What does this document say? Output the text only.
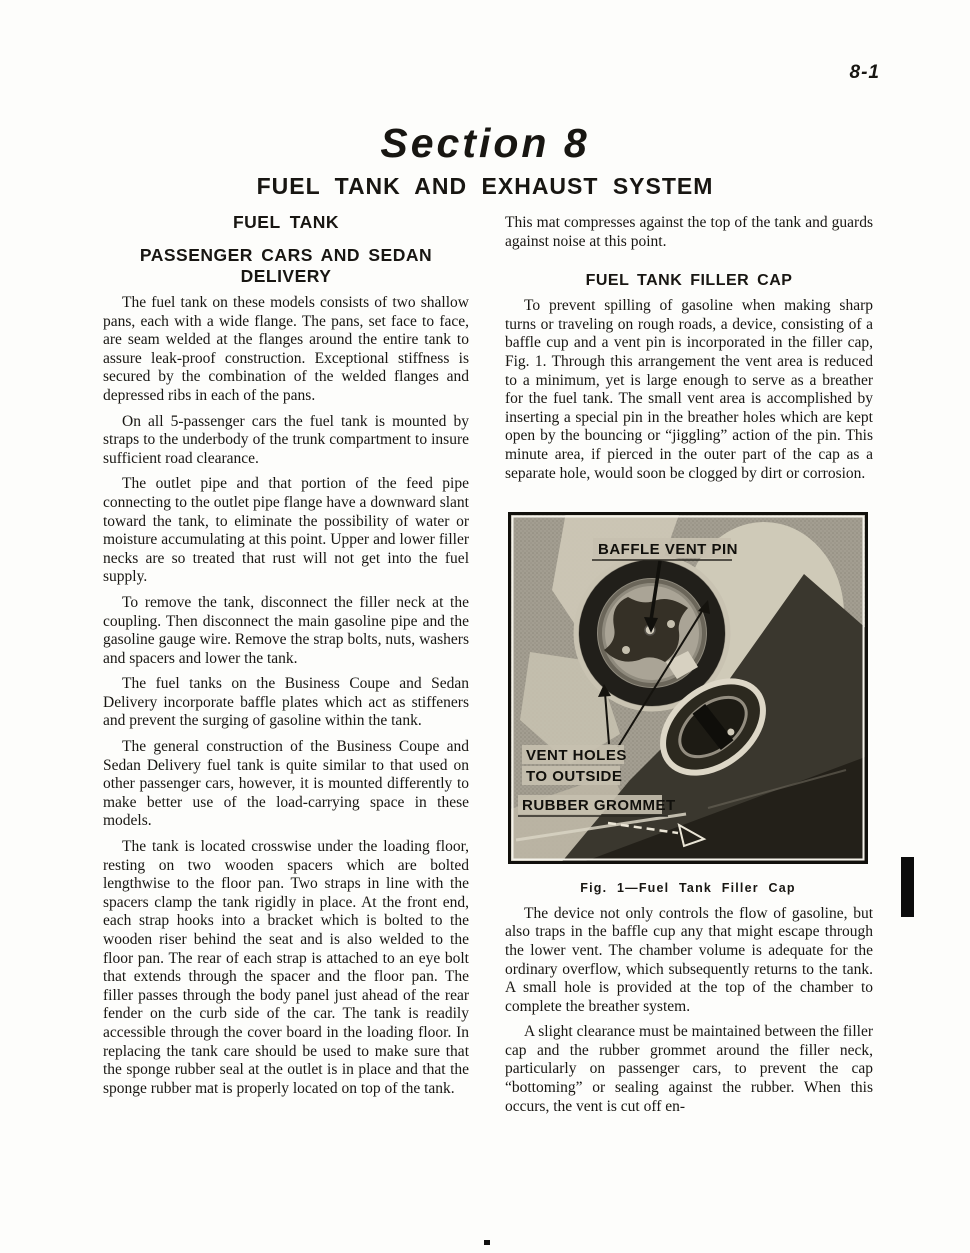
8-1
Section 8
FUEL TANK AND EXHAUST SYSTEM
FUEL TANK
PASSENGER CARS AND SEDAN DELIVERY

The fuel tank on these models consists of two shallow pans, each with a wide flange. The pans, set face to face, are seam welded at the flanges around the entire tank to assure leak-proof construction. Exceptional stiffness is secured by the combination of the welded flanges and depressed ribs in each of the pans.

On all 5-passenger cars the fuel tank is mounted by straps to the underbody of the trunk compartment to insure sufficient road clearance.

The outlet pipe and that portion of the feed pipe connecting to the outlet pipe flange have a downward slant toward the tank, to eliminate the possibility of water or moisture accumulating at this point. Upper and lower filler necks are so treated that rust will not get into the fuel supply.

To remove the tank, disconnect the filler neck at the coupling. Then disconnect the main gasoline pipe and the gasoline gauge wire. Remove the strap bolts, nuts, washers and spacers and lower the tank.

The fuel tanks on the Business Coupe and Sedan Delivery incorporate baffle plates which act as stiffeners and prevent the surging of gasoline within the tank.

The general construction of the Business Coupe and Sedan Delivery fuel tank is quite similar to that used on other passenger cars, however, it is mounted differently to make better use of the load-carrying space in these models.

The tank is located crosswise under the loading floor, resting on two wooden spacers which are bolted lengthwise to the floor pan. Two straps in line with the spacers clamp the tank rigidly in place. At the front end, each strap hooks into a bracket which is bolted to the wooden riser behind the seat and is also welded to the floor pan. The rear of each strap is attached to an eye bolt that extends through the spacer and the floor pan. The filler passes through the body panel just ahead of the rear fender on the curb side of the car. The tank is readily accessible through the cover board in the loading floor. In replacing the tank care should be used to make sure that the sponge rubber seal at the outlet is in place and that the sponge rubber mat is properly located on top of the tank.

This mat compresses against the top of the tank and guards against noise at this point.

FUEL TANK FILLER CAP

To prevent spilling of gasoline when making sharp turns or traveling on rough roads, a device, consisting of a baffle cup and a vent pin is incorporated in the filler cap, Fig. 1. Through this arrangement the vent area is reduced to a minimum, yet is large enough to serve as a breather for the fuel tank. The small vent area is accomplished by inserting a special pin in the breather holes which are kept open by the bouncing or “jiggling” action of the pin. This minute area, if pierced in the outer part of the cap as a separate hole, would soon be clogged by dirt or corrosion.

BAFFLE VENT PIN
VENT HOLES
TO OUTSIDE
RUBBER GROMMET
Fig. 1—Fuel Tank Filler Cap

The device not only controls the flow of gasoline, but also traps in the baffle cup any that might escape through the lower vent. The chamber volume is adequate for the ordinary overflow, which subsequently returns to the tank. A small hole is provided at the top of the chamber to complete the breather system.

A slight clearance must be maintained between the filler cap and the rubber grommet around the filler neck, particularly on passenger cars, to prevent the cap “bottoming” or sealing against the rubber. When this occurs, the vent is cut off en-
